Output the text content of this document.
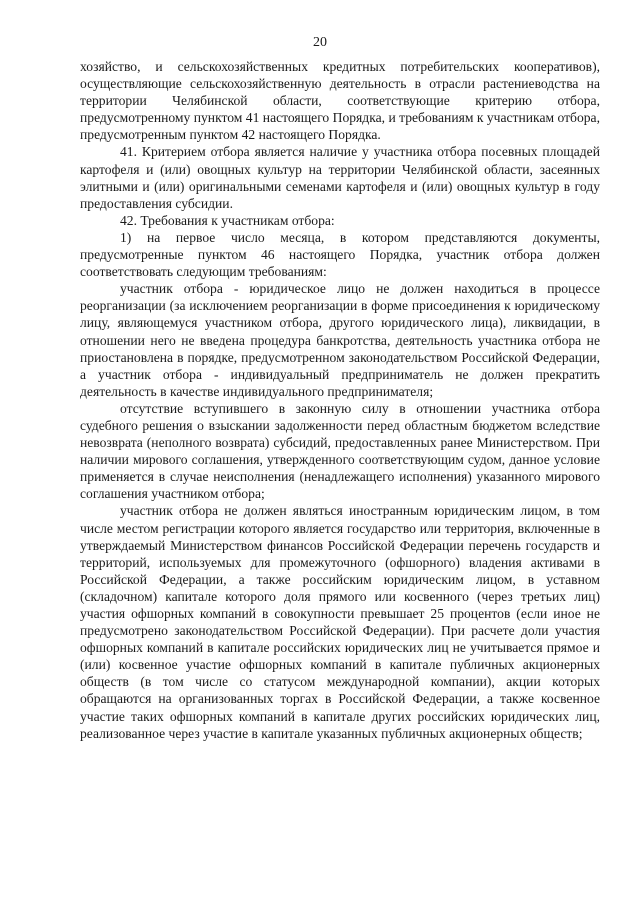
20

хозяйство, и сельскохозяйственных кредитных потребительских кооперативов), осуществляющие сельскохозяйственную деятельность в отрасли растениеводства на территории Челябинской области, соответствующие критерию отбора, предусмотренному пунктом 41 настоящего Порядка, и требованиям к участникам отбора, предусмотренным пунктом 42 настоящего Порядка.

41. Критерием отбора является наличие у участника отбора посевных площадей картофеля и (или) овощных культур на территории Челябинской области, засеянных элитными и (или) оригинальными семенами картофеля и (или) овощных культур в году предоставления субсидии.

42. Требования к участникам отбора:

1) на первое число месяца, в котором представляются документы, предусмотренные пунктом 46 настоящего Порядка, участник отбора должен соответствовать следующим требованиям:

участник отбора - юридическое лицо не должен находиться в процессе реорганизации (за исключением реорганизации в форме присоединения к юридическому лицу, являющемуся участником отбора, другого юридического лица), ликвидации, в отношении него не введена процедура банкротства, деятельность участника отбора не приостановлена в порядке, предусмотренном законодательством Российской Федерации, а участник отбора - индивидуальный предприниматель не должен прекратить деятельность в качестве индивидуального предпринимателя;

отсутствие вступившего в законную силу в отношении участника отбора судебного решения о взыскании задолженности перед областным бюджетом вследствие невозврата (неполного возврата) субсидий, предоставленных ранее Министерством. При наличии мирового соглашения, утвержденного соответствующим судом, данное условие применяется в случае неисполнения (ненадлежащего исполнения) указанного мирового соглашения участником отбора;

участник отбора не должен являться иностранным юридическим лицом, в том числе местом регистрации которого является государство или территория, включенные в утверждаемый Министерством финансов Российской Федерации перечень государств и территорий, используемых для промежуточного (офшорного) владения активами в Российской Федерации, а также российским юридическим лицом, в уставном (складочном) капитале которого доля прямого или косвенного (через третьих лиц) участия офшорных компаний в совокупности превышает 25 процентов (если иное не предусмотрено законодательством Российской Федерации). При расчете доли участия офшорных компаний в капитале российских юридических лиц не учитывается прямое и (или) косвенное участие офшорных компаний в капитале публичных акционерных обществ (в том числе со статусом международной компании), акции которых обращаются на организованных торгах в Российской Федерации, а также косвенное участие таких офшорных компаний в капитале других российских юридических лиц, реализованное через участие в капитале указанных публичных акционерных обществ;
